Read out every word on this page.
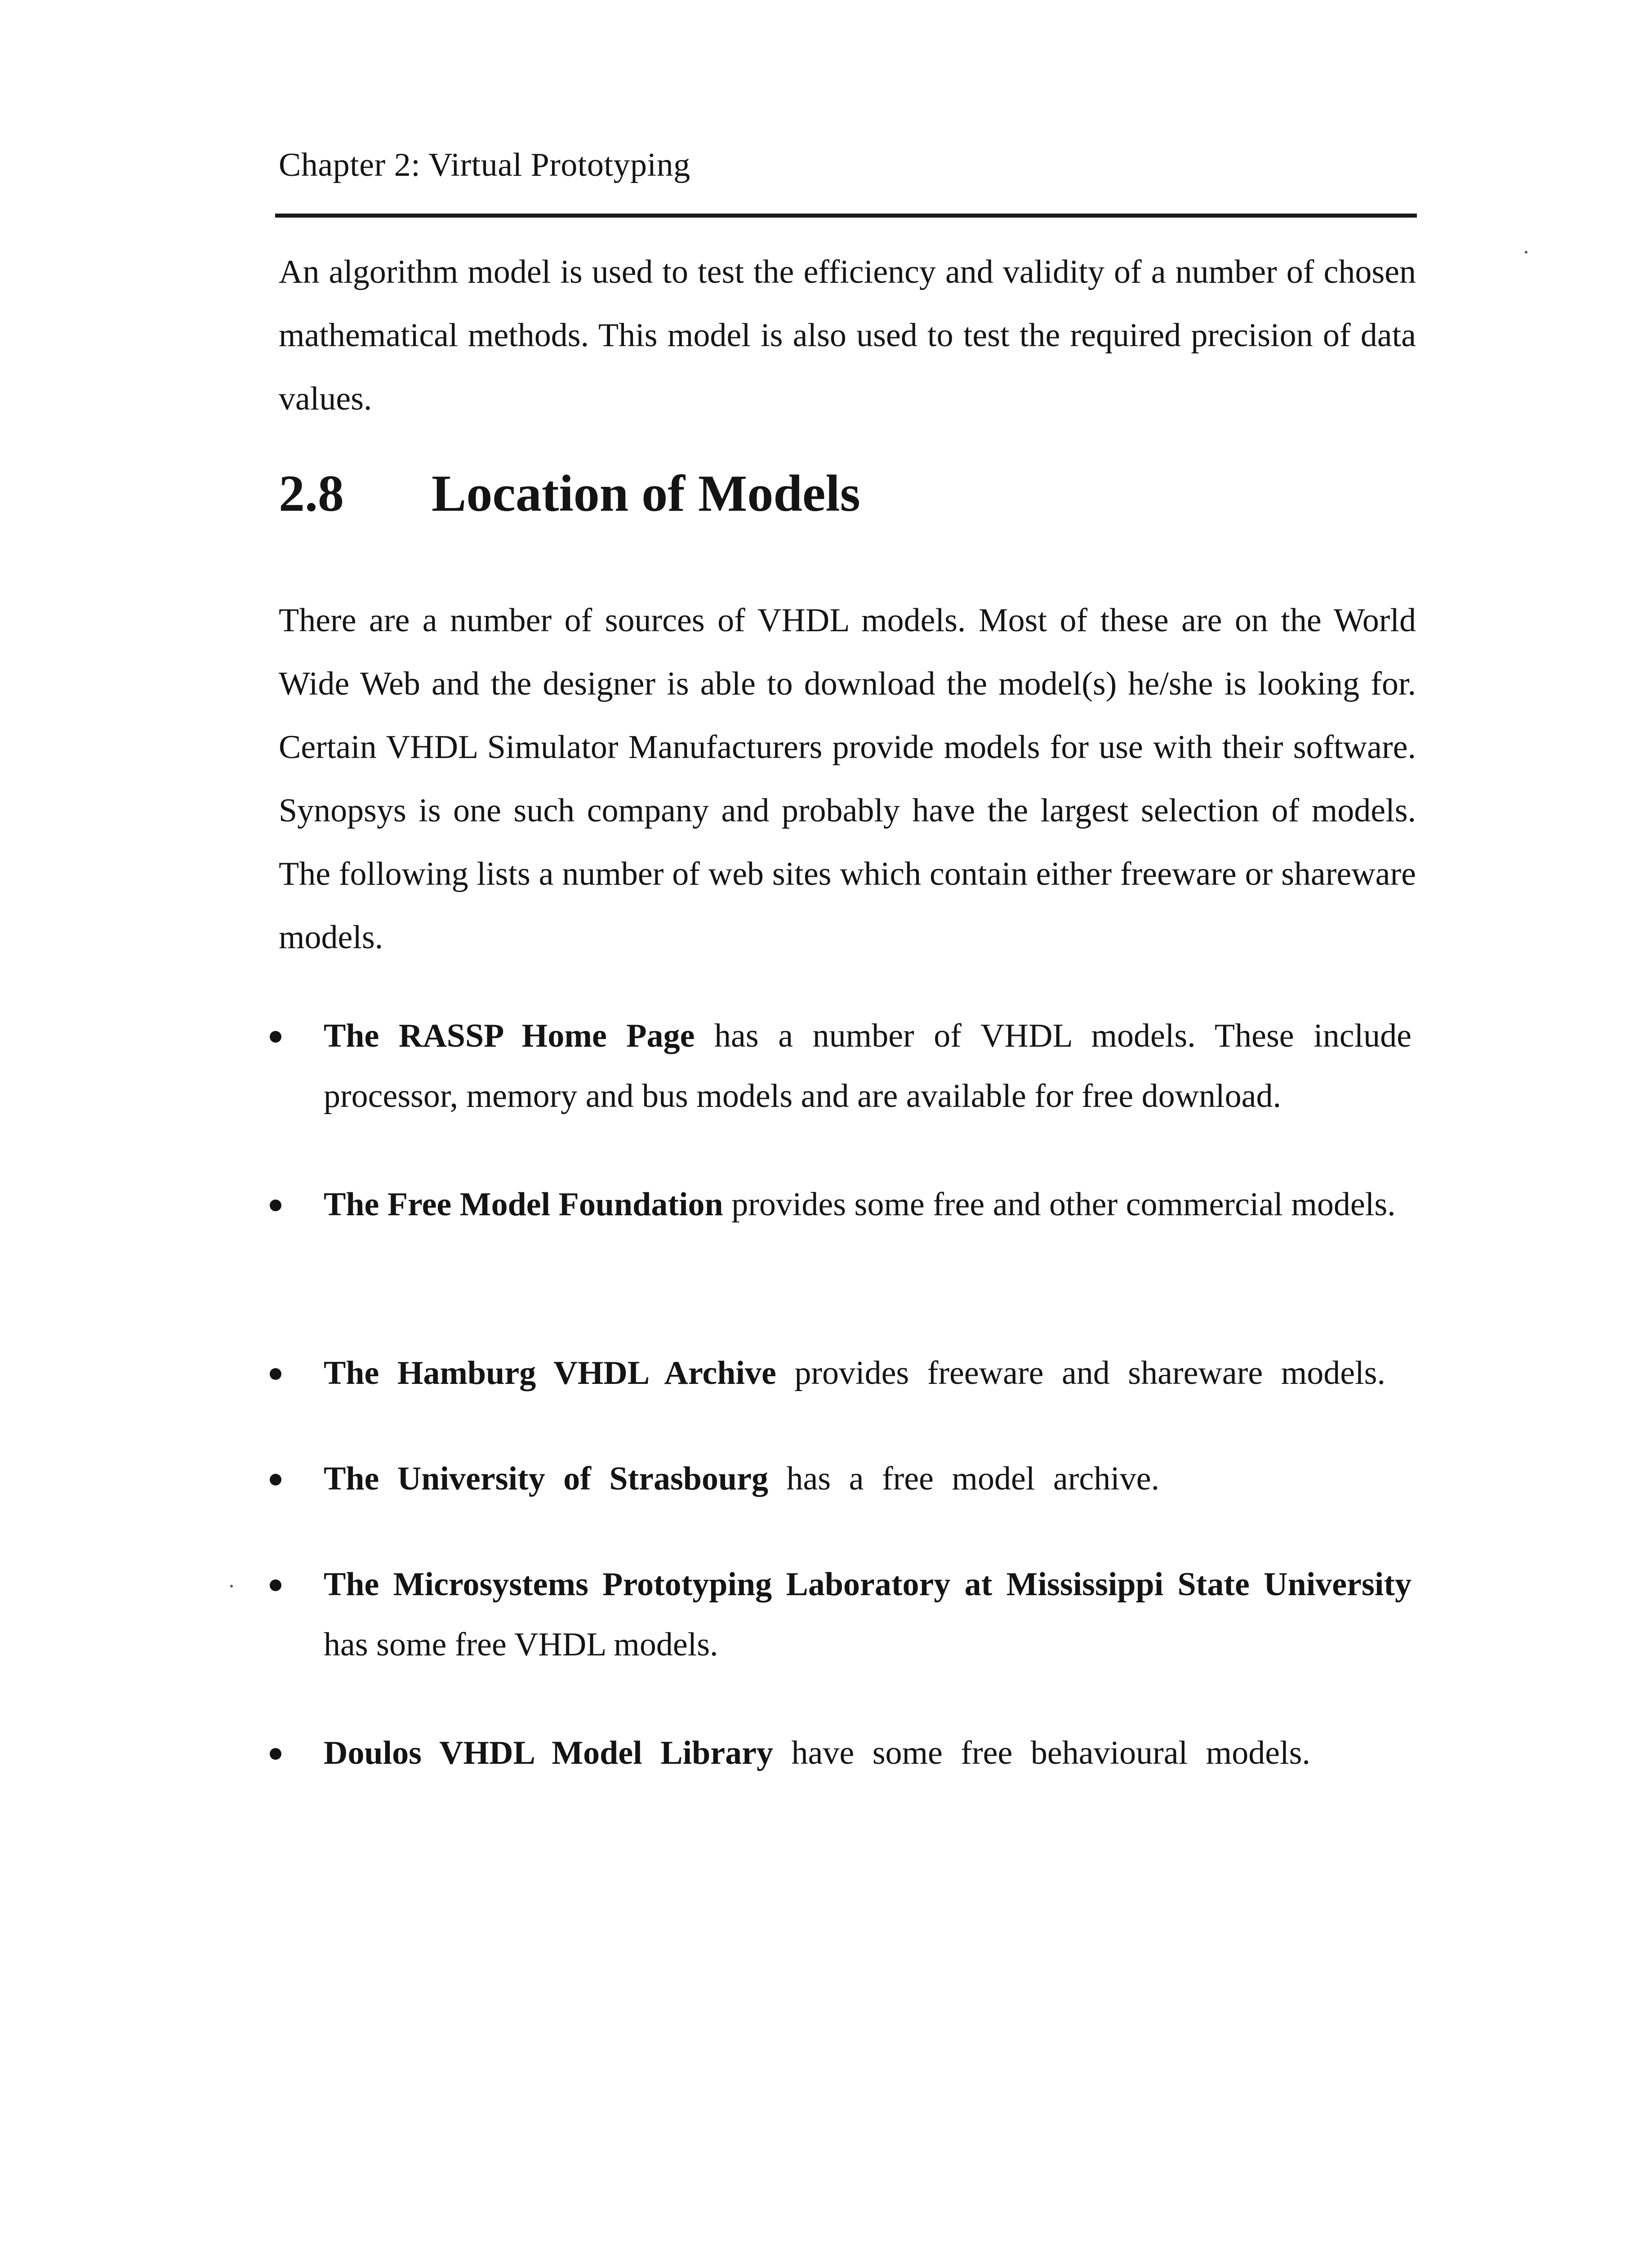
Chapter 2: Virtual Prototyping

An algorithm model is used to test the efficiency and validity of a number of chosen mathematical methods. This model is also used to test the required precision of data values.

2.8 Location of Models

There are a number of sources of VHDL models. Most of these are on the World Wide Web and the designer is able to download the model(s) he/she is looking for. Certain VHDL Simulator Manufacturers provide models for use with their software. Synopsys is one such company and probably have the largest selection of models. The following lists a number of web sites which contain either freeware or shareware models.

The RASSP Home Page has a number of VHDL models. These include processor, memory and bus models and are available for free download.

The Free Model Foundation provides some free and other commercial models.

The Hamburg VHDL Archive provides freeware and shareware models.

The University of Strasbourg has a free model archive.

The Microsystems Prototyping Laboratory at Mississippi State University has some free VHDL models.

Doulos VHDL Model Library have some free behavioural models.
